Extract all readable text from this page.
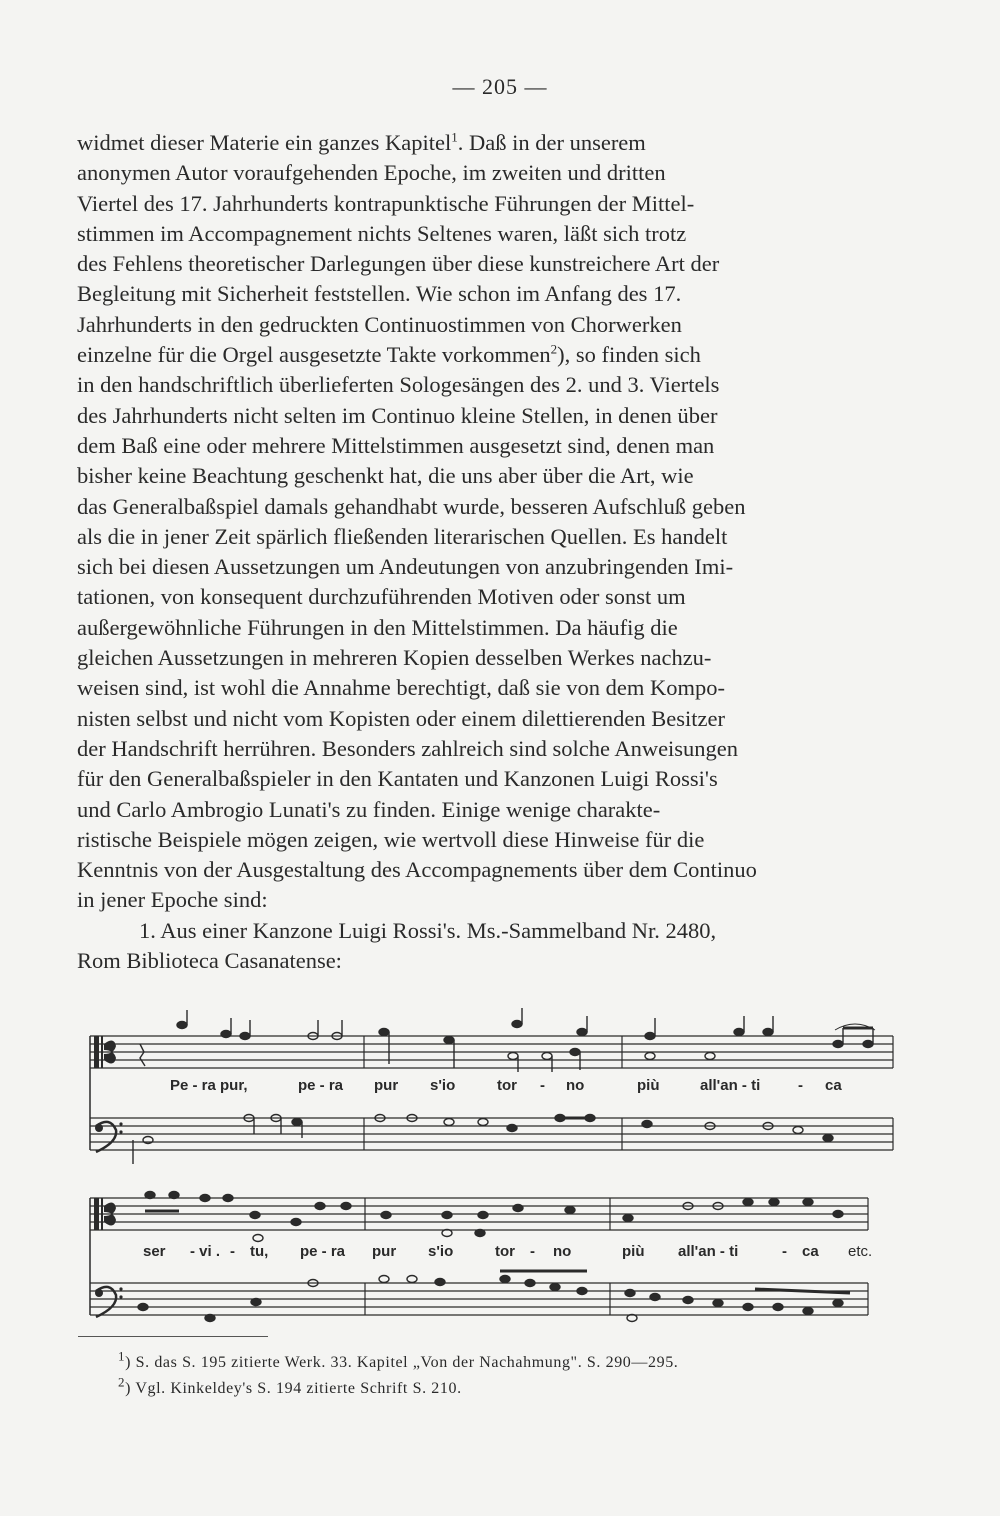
— 205 —
widmet dieser Materie ein ganzes Kapitel$^1$. Daß in der unserem
anonymen Autor voraufgehenden Epoche, im zweiten und dritten
Viertel des 17. Jahrhunderts kontrapunktische Führungen der Mittel-
stimmen im Accompagnement nichts Seltenes waren, läßt sich trotz
des Fehlens theoretischer Darlegungen über diese kunstreichere Art der
Begleitung mit Sicherheit feststellen. Wie schon im Anfang des 17.
Jahrhunderts in den gedruckten Continuostimmen von Chorwerken
einzelne für die Orgel ausgesetzte Takte vorkommen$^2$), so finden sich
in den handschriftlich überlieferten Sologesängen des 2. und 3. Viertels
des Jahrhunderts nicht selten im Continuo kleine Stellen, in denen über
dem Baß eine oder mehrere Mittelstimmen ausgesetzt sind, denen man
bisher keine Beachtung geschenkt hat, die uns aber über die Art, wie
das Generalbaßspiel damals gehandhabt wurde, besseren Aufschluß geben
als die in jener Zeit spärlich fließenden literarischen Quellen. Es handelt
sich bei diesen Aussetzungen um Andeutungen von anzubringenden Imi-
tationen, von konsequent durchzuführenden Motiven oder sonst um
außergewöhnliche Führungen in den Mittelstimmen. Da häufig die
gleichen Aussetzungen in mehreren Kopien desselben Werkes nachzu-
weisen sind, ist wohl die Annahme berechtigt, daß sie von dem Kompo-
nisten selbst und nicht vom Kopisten oder einem dilettierenden Besitzer
der Handschrift herrühren. Besonders zahlreich sind solche Anweisungen
für den Generalbaßspieler in den Kantaten und Kanzonen Luigi Rossi's
und Carlo Ambrogio Lunati's zu finden. Einige wenige charakte-
ristische Beispiele mögen zeigen, wie wertvoll diese Hinweise für die
Kenntnis von der Ausgestaltung des Accompagnements über dem Continuo
in jener Epoche sind:
1. Aus einer Kanzone Luigi Rossi's. Ms.-Sammelband Nr. 2480,
Rom Biblioteca Casanatense:
Pe - ra pur,	pe - ra pur s'io	tor - no	più	all'an - ti	- ca
ser - vi . - tu, pe - ra pur s'io	tor - no	più all'an - ti	- ca etc.
$^1$) S. das S. 195 zitierte Werk. 33. Kapitel „Von der Nachahmung". S. 290—295.
$^2$) Vgl. Kinkeldey's S. 194 zitierte Schrift S. 210.
